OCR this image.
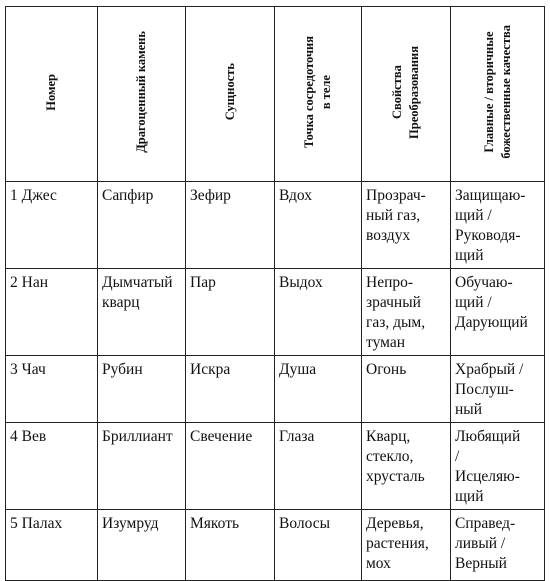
Номер	Драгоценный камень	Сущность	Точка сосредоточия
в теле	Свойства
Преобразования	Главные / вторичные
божественные качества
1 Джес	Сапфир	Зефир	Вдох	Прозрач-
ный газ,
воздух	Защищаю-
щий /
Руководя-
щий
2 Нан	Дымчатый
кварц	Пар	Выдох	Непро-
зрачный
газ, дым,
туман	Обучаю-
щий /
Дарующий
3 Чач	Рубин	Искра	Душа	Огонь	Храбрый /
Послуш-
ный
4 Вев	Бриллиант	Свечение	Глаза	Кварц,
стекло,
хрусталь	Любящий
/
Исцеляю-
щий
5 Палах	Изумруд	Мякоть	Волосы	Деревья,
растения,
мох	Справед-
ливый /
Верный
